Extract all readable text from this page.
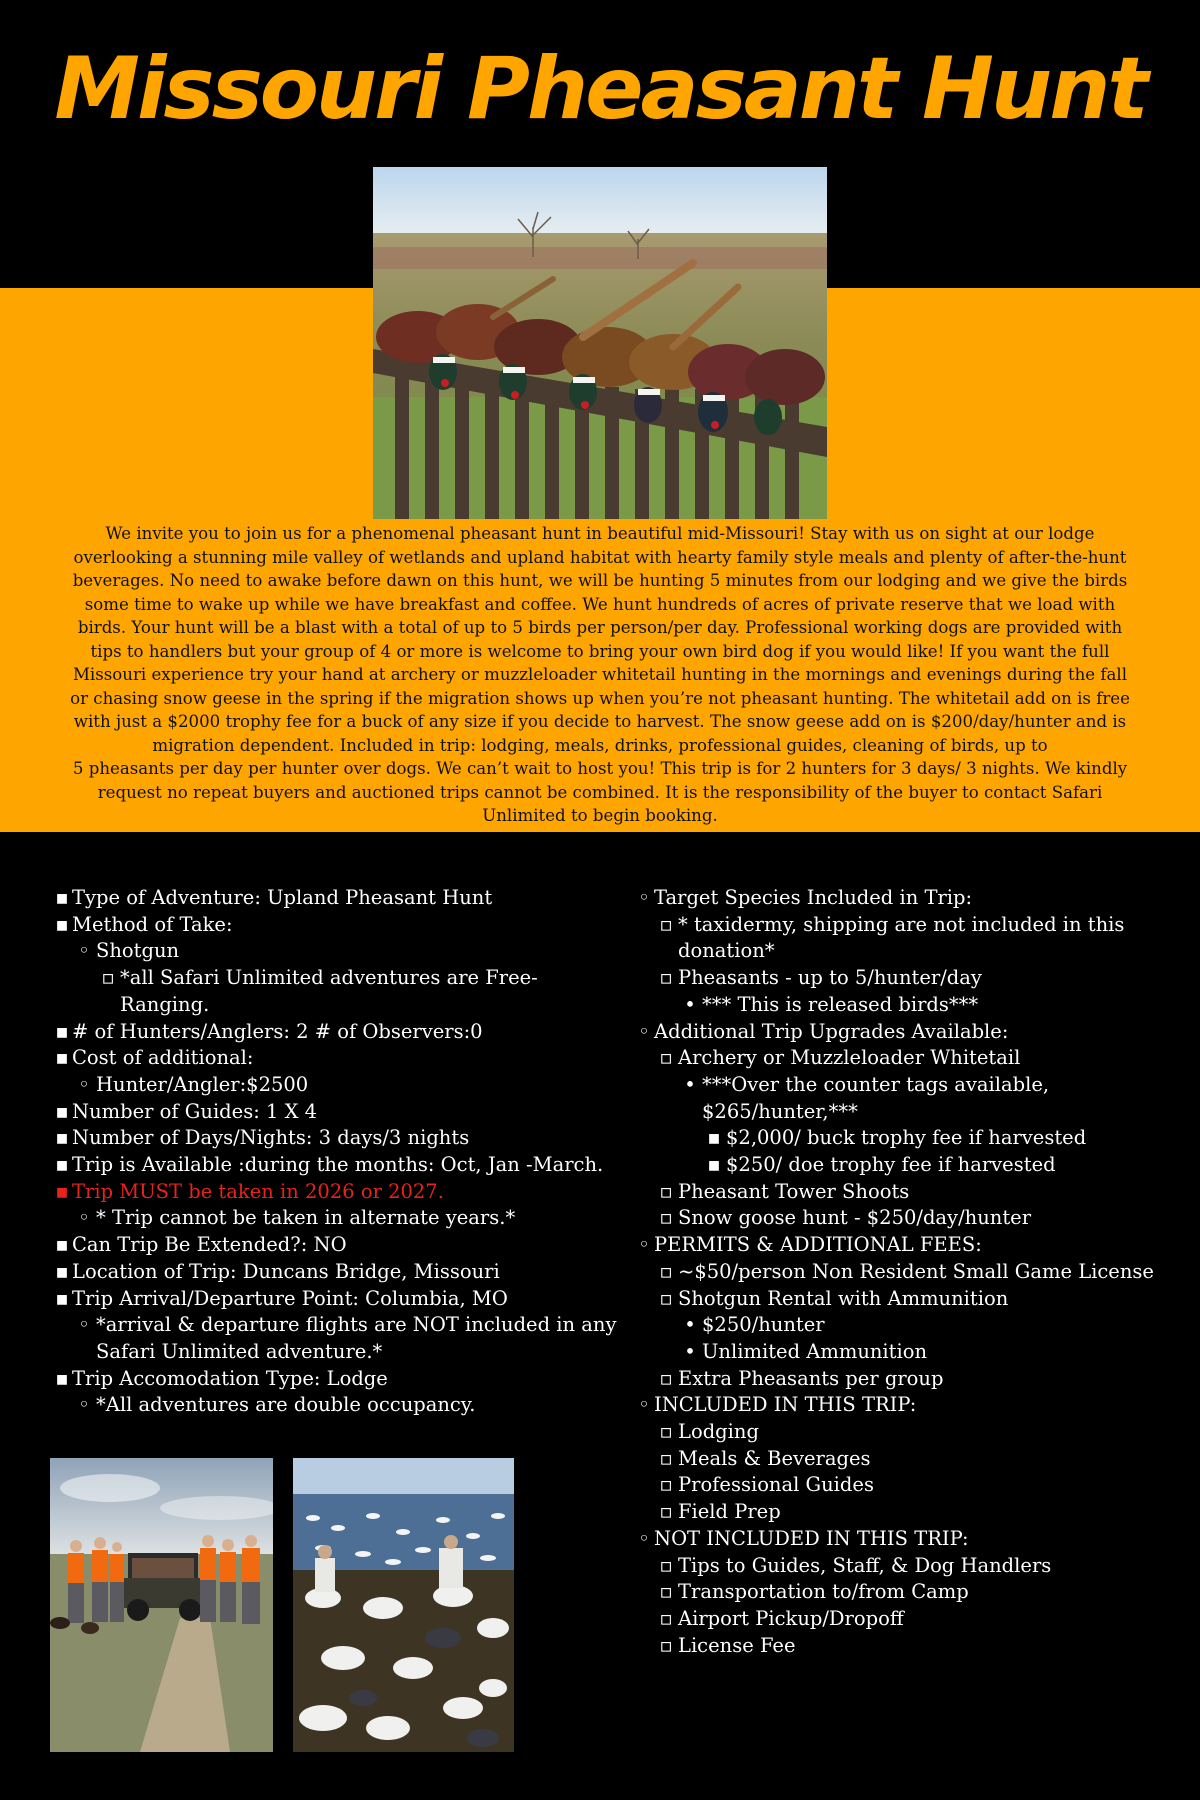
Missouri Pheasant Hunt
We invite you to join us for a phenomenal pheasant hunt in beautiful mid-Missouri! Stay with us on sight at our lodge
overlooking a stunning mile valley of wetlands and upland habitat with hearty family style meals and plenty of after-the-hunt
beverages. No need to awake before dawn on this hunt, we will be hunting 5 minutes from our lodging and we give the birds
some time to wake up while we have breakfast and coffee. We hunt hundreds of acres of private reserve that we load with
birds. Your hunt will be a blast with a total of up to 5 birds per person/per day. Professional working dogs are provided with
tips to handlers but your group of 4 or more is welcome to bring your own bird dog if you would like! If you want the full
Missouri experience try your hand at archery or muzzleloader whitetail hunting in the mornings and evenings during the fall
or chasing snow geese in the spring if the migration shows up when you’re not pheasant hunting. The whitetail add on is free
with just a $2000 trophy fee for a buck of any size if you decide to harvest. The snow geese add on is $200/day/hunter and is
migration dependent. Included in trip: lodging, meals, drinks, professional guides, cleaning of birds, up to
5 pheasants per day per hunter over dogs. We can’t wait to host you! This trip is for 2 hunters for 3 days/ 3 nights. We kindly
request no repeat buyers and auctioned trips cannot be combined. It is the responsibility of the buyer to contact Safari
Unlimited to begin booking.
▪ Type of Adventure: Upland Pheasant Hunt
▪ Method of Take:
◦ Shotgun
▫ *all Safari Unlimited adventures are Free-Ranging.
▪ # of Hunters/Anglers: 2 # of Observers:0
▪ Cost of additional:
◦ Hunter/Angler:$2500
▪ Number of Guides: 1 X 4
▪ Number of Days/Nights: 3 days/3 nights
▪ Trip is Available :during the months: Oct, Jan -March.
▪ Trip MUST be taken in 2026 or 2027.
◦ * Trip cannot be taken in alternate years.*
▪ Can Trip Be Extended?: NO
▪ Location of Trip: Duncans Bridge, Missouri
▪ Trip Arrival/Departure Point: Columbia, MO
◦ *arrival & departure flights are NOT included in any Safari Unlimited adventure.*
▪ Trip Accomodation Type: Lodge
◦ *All adventures are double occupancy.
◦ Target Species Included in Trip:
▫ * taxidermy, shipping are not included in this donation*
▫ Pheasants - up to 5/hunter/day
• *** This is released birds***
◦ Additional Trip Upgrades Available:
▫ Archery or Muzzleloader Whitetail
• ***Over the counter tags available, $265/hunter,***
▪ $2,000/ buck trophy fee if harvested
▪ $250/ doe trophy fee if harvested
▫ Pheasant Tower Shoots
▫ Snow goose hunt - $250/day/hunter
◦ PERMITS & ADDITIONAL FEES:
▫ ~$50/person Non Resident Small Game License
▫ Shotgun Rental with Ammunition
• $250/hunter
• Unlimited Ammunition
▫ Extra Pheasants per group
◦ INCLUDED IN THIS TRIP:
▫ Lodging
▫ Meals & Beverages
▫ Professional Guides
▫ Field Prep
◦ NOT INCLUDED IN THIS TRIP:
▫ Tips to Guides, Staff, & Dog Handlers
▫ Transportation to/from Camp
▫ Airport Pickup/Dropoff
▫ License Fee
